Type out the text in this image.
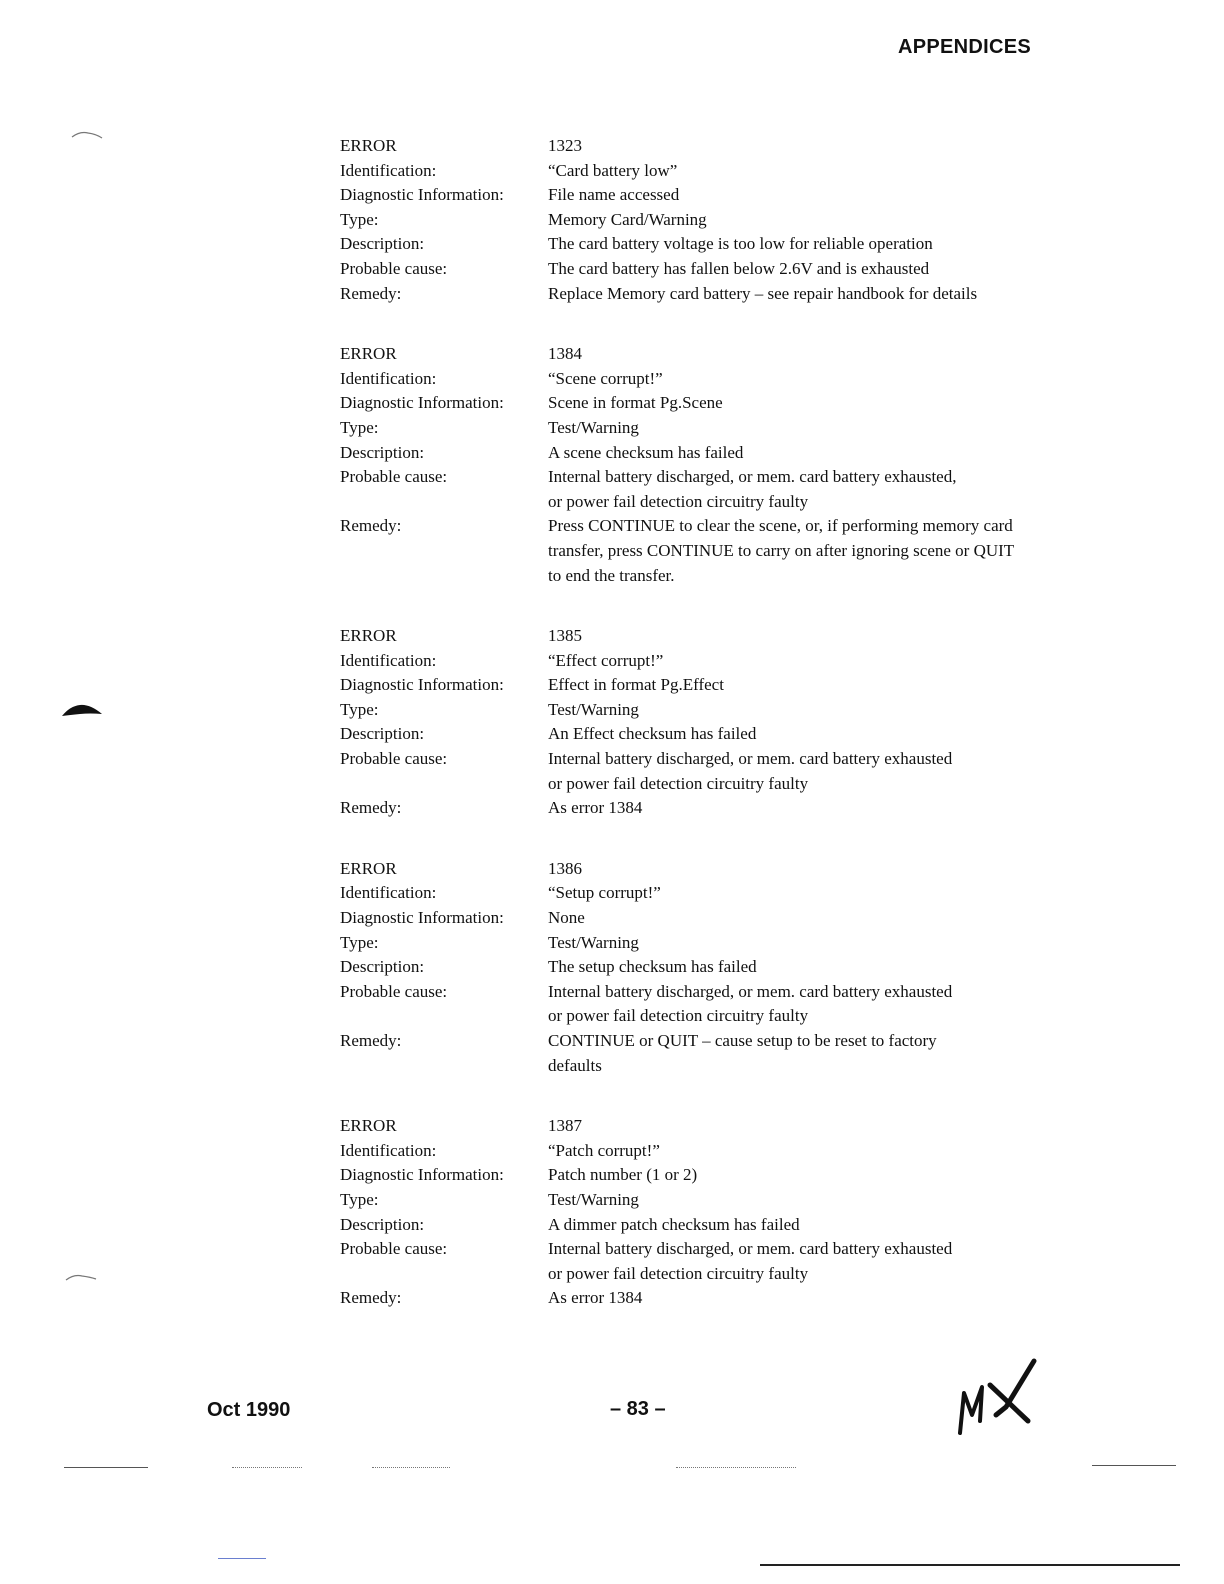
APPENDICES
ERROR	1323
Identification:	“Card battery low”
Diagnostic Information:	File name accessed
Type:	Memory Card/Warning
Description:	The card battery voltage is too low for reliable operation
Probable cause:	The card battery has fallen below 2.6V and is exhausted
Remedy:	Replace Memory card battery – see repair handbook for details
ERROR	1384
Identification:	“Scene corrupt!”
Diagnostic Information:	Scene in format Pg.Scene
Type:	Test/Warning
Description:	A scene checksum has failed
Probable cause:	Internal battery discharged, or mem. card battery exhausted,
or power fail detection circuitry faulty
Remedy:	Press CONTINUE to clear the scene, or, if performing memory card
transfer, press CONTINUE to carry on after ignoring scene or QUIT
to end the transfer.
ERROR	1385
Identification:	“Effect corrupt!”
Diagnostic Information:	Effect in format Pg.Effect
Type:	Test/Warning
Description:	An Effect checksum has failed
Probable cause:	Internal battery discharged, or mem. card battery exhausted
or power fail detection circuitry faulty
Remedy:	As error 1384
ERROR	1386
Identification:	“Setup corrupt!”
Diagnostic Information:	None
Type:	Test/Warning
Description:	The setup checksum has failed
Probable cause:	Internal battery discharged, or mem. card battery exhausted
or power fail detection circuitry faulty
Remedy:	CONTINUE or QUIT – cause setup to be reset to factory
defaults
ERROR	1387
Identification:	“Patch corrupt!”
Diagnostic Information:	Patch number (1 or 2)
Type:	Test/Warning
Description:	A dimmer patch checksum has failed
Probable cause:	Internal battery discharged, or mem. card battery exhausted
or power fail detection circuitry faulty
Remedy:	As error 1384
Oct 1990	– 83 –
